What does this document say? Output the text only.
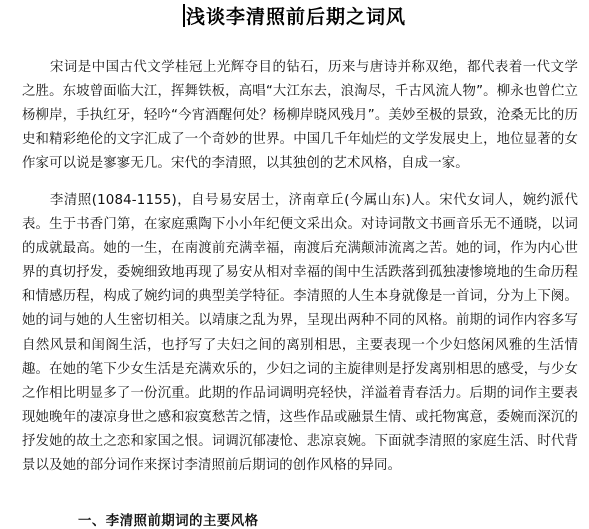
浅谈李清照前后期之词风

宋词是中国古代文学桂冠上光辉夺目的钻石，历来与唐诗并称双绝，都代表着一代文学之胜。东坡曾面临大江，挥舞铁板，高唱“大江东去，浪淘尽，千古风流人物”。柳永也曾伫立杨柳岸，手执红牙，轻吟“今宵酒醒何处？杨柳岸晓风残月”。美妙至极的景致，沧桑无比的历史和精彩绝伦的文字汇成了一个奇妙的世界。中国几千年灿烂的文学发展史上，地位显著的女作家可以说是寥寥无几。宋代的李清照，以其独创的艺术风格，自成一家。

李清照(1084-1155)，自号易安居士，济南章丘(今属山东)人。宋代女词人，婉约派代表。生于书香门第，在家庭熏陶下小小年纪便文采出众。对诗词散文书画音乐无不通晓，以词的成就最高。她的一生，在南渡前充满幸福，南渡后充满颠沛流离之苦。她的词，作为内心世界的真切抒发，委婉细致地再现了易安从相对幸福的闺中生活跌落到孤独凄惨境地的生命历程和情感历程，构成了婉约词的典型美学特征。李清照的人生本身就像是一首词，分为上下阕。她的词与她的人生密切相关。以靖康之乱为界，呈现出两种不同的风格。前期的词作内容多写自然风景和闺阁生活，也抒写了夫妇之间的离别相思，主要表现一个少妇悠闲风雅的生活情趣。在她的笔下少女生活是充满欢乐的，少妇之词的主旋律则是抒发离别相思的感受，与少女之作相比明显多了一份沉重。此期的作品词调明亮轻快，洋溢着青春活力。后期的词作主要表现她晚年的凄凉身世之感和寂寞愁苦之情，这些作品或融景生情、或托物寓意，委婉而深沉的抒发她的故土之恋和家国之恨。词调沉郁凄怆、悲凉哀婉。下面就李清照的家庭生活、时代背景以及她的部分词作来探讨李清照前后期词的创作风格的异同。

一、李清照前期词的主要风格
